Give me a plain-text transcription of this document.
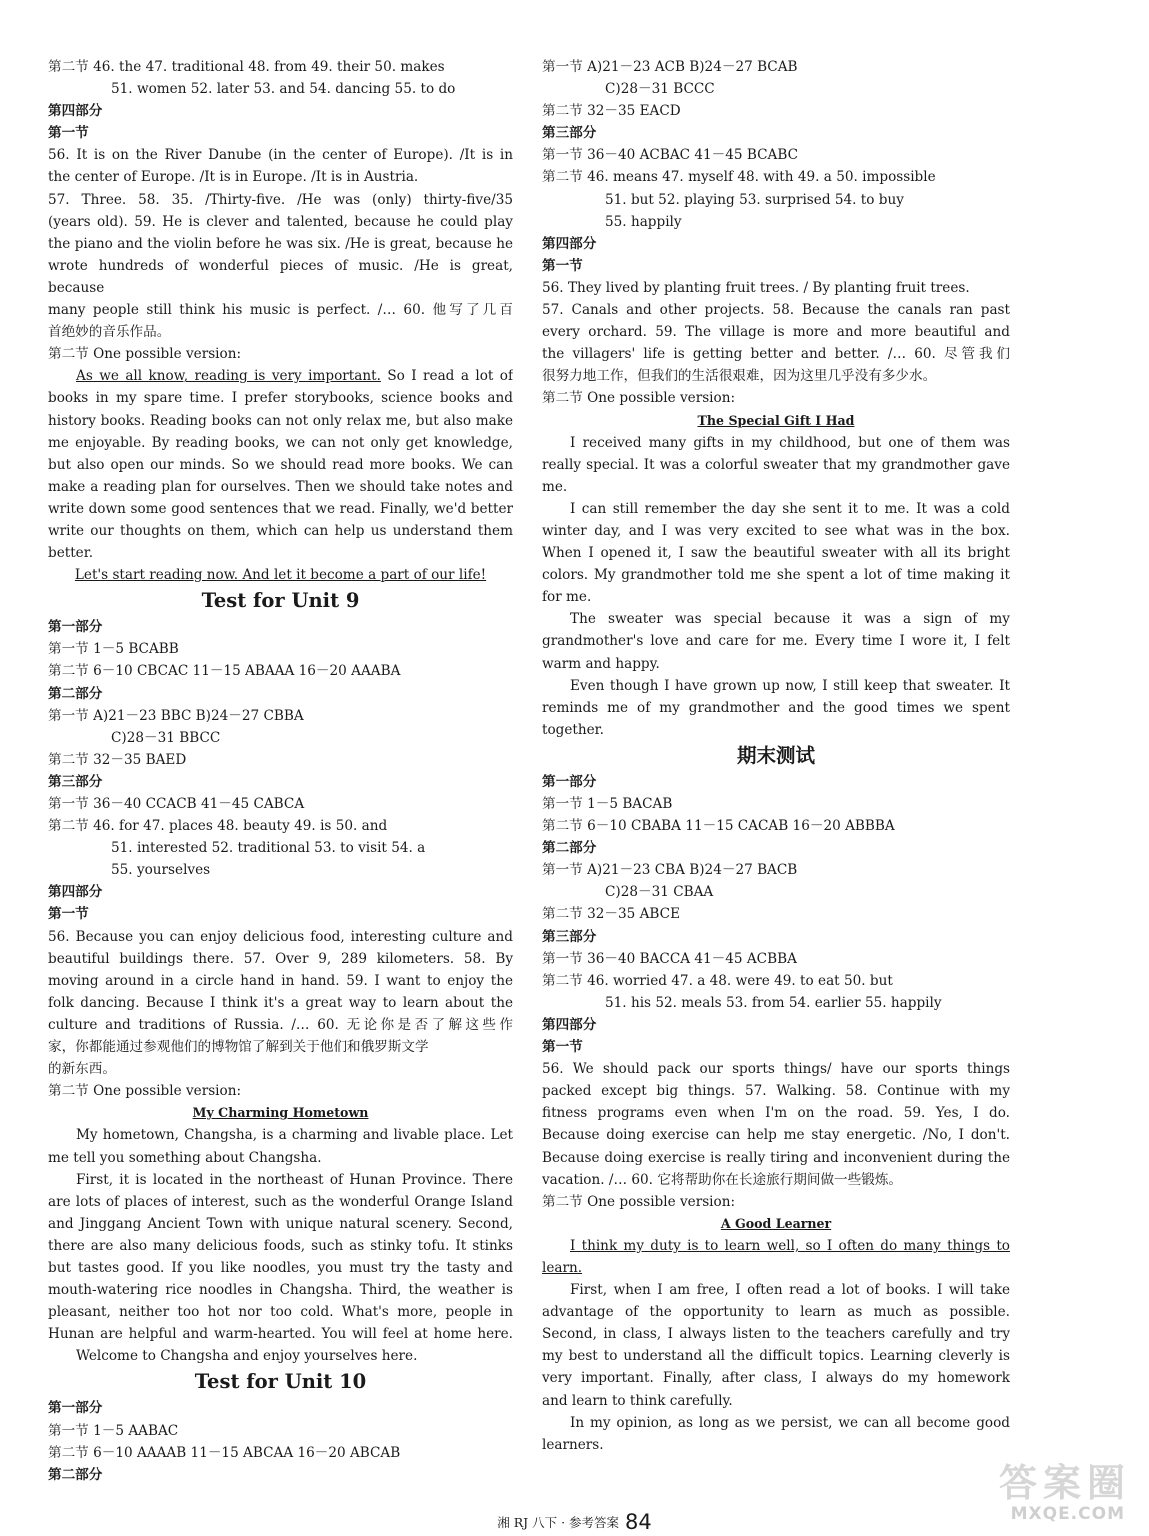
第二节 46. the 47. traditional 48. from 49. their 50. makes
51. women 52. later 53. and 54. dancing 55. to do
第四部分
第一节
56. It is on the River Danube (in the center of Europe). /It is in
the center of Europe. /It is in Europe. /It is in Austria.
57. Three. 58. 35. /Thirty-five. /He was (only) thirty-five/35
(years old). 59. He is clever and talented, because he could play
the piano and the violin before he was six. /He is great, because he
wrote hundreds of wonderful pieces of music. /He is great, because
many people still think his music is perfect. /… 60. 他写了几百
首绝妙的音乐作品。
第二节 One possible version:
As we all know, reading is very important. So I read a lot of
books in my spare time. I prefer storybooks, science books and
history books. Reading books can not only relax me, but also make
me enjoyable. By reading books, we can not only get knowledge,
but also open our minds. So we should read more books. We can
make a reading plan for ourselves. Then we should take notes and
write down some good sentences that we read. Finally, we'd better
write our thoughts on them, which can help us understand them
better.
Let's start reading now. And let it become a part of our life!
Test for Unit 9
第一部分
第一节 1－5 BCABB
第二节 6－10 CBCAC 11－15 ABAAA 16－20 AAABA
第二部分
第一节 A)21－23 BBC B)24－27 CBBA
C)28－31 BBCC
第二节 32－35 BAED
第三部分
第一节 36－40 CCACB 41－45 CABCA
第二节 46. for 47. places 48. beauty 49. is 50. and
51. interested 52. traditional 53. to visit 54. a
55. yourselves
第四部分
第一节
56. Because you can enjoy delicious food, interesting culture and
beautiful buildings there. 57. Over 9, 289 kilometers. 58. By
moving around in a circle hand in hand. 59. I want to enjoy the
folk dancing. Because I think it's a great way to learn about the
culture and traditions of Russia. /… 60. 无论你是否了解这些作
家，你都能通过参观他们的博物馆了解到关于他们和俄罗斯文学
的新东西。
第二节 One possible version:
My Charming Hometown
My hometown, Changsha, is a charming and livable place. Let
me tell you something about Changsha.
First, it is located in the northeast of Hunan Province. There
are lots of places of interest, such as the wonderful Orange Island
and Jinggang Ancient Town with unique natural scenery. Second,
there are also many delicious foods, such as stinky tofu. It stinks
but tastes good. If you like noodles, you must try the tasty and
mouth-watering rice noodles in Changsha. Third, the weather is
pleasant, neither too hot nor too cold. What's more, people in
Hunan are helpful and warm-hearted. You will feel at home here.
Welcome to Changsha and enjoy yourselves here.
Test for Unit 10
第一部分
第一节 1－5 AABAC
第二节 6－10 AAAAB 11－15 ABCAA 16－20 ABCAB
第二部分
第一节 A)21－23 ACB B)24－27 BCAB
C)28－31 BCCC
第二节 32－35 EACD
第三部分
第一节 36－40 ACBAC 41－45 BCABC
第二节 46. means 47. myself 48. with 49. a 50. impossible
51. but 52. playing 53. surprised 54. to buy
55. happily
第四部分
第一节
56. They lived by planting fruit trees. / By planting fruit trees.
57. Canals and other projects. 58. Because the canals ran past
every orchard. 59. The village is more and more beautiful and
the villagers' life is getting better and better. /… 60. 尽管我们
很努力地工作，但我们的生活很艰难，因为这里几乎没有多少水。
第二节 One possible version:
The Special Gift I Had
I received many gifts in my childhood, but one of them was
really special. It was a colorful sweater that my grandmother gave
me.
I can still remember the day she sent it to me. It was a cold
winter day, and I was very excited to see what was in the box.
When I opened it, I saw the beautiful sweater with all its bright
colors. My grandmother told me she spent a lot of time making it
for me.
The sweater was special because it was a sign of my
grandmother's love and care for me. Every time I wore it, I felt
warm and happy.
Even though I have grown up now, I still keep that sweater. It
reminds me of my grandmother and the good times we spent
together.
期末测试
第一部分
第一节 1－5 BACAB
第二节 6－10 CBABA 11－15 CACAB 16－20 ABBBA
第二部分
第一节 A)21－23 CBA B)24－27 BACB
C)28－31 CBAA
第二节 32－35 ABCE
第三部分
第一节 36－40 BACCA 41－45 ACBBA
第二节 46. worried 47. a 48. were 49. to eat 50. but
51. his 52. meals 53. from 54. earlier 55. happily
第四部分
第一节
56. We should pack our sports things/ have our sports things
packed except big things. 57. Walking. 58. Continue with my
fitness programs even when I'm on the road. 59. Yes, I do.
Because doing exercise can help me stay energetic. /No, I don't.
Because doing exercise is really tiring and inconvenient during the
vacation. /… 60. 它将帮助你在长途旅行期间做一些锻炼。
第二节 One possible version:
A Good Learner
I think my duty is to learn well, so I often do many things to
learn.
First, when I am free, I often read a lot of books. I will take
advantage of the opportunity to learn as much as possible.
Second, in class, I always listen to the teachers carefully and try
my best to understand all the difficult topics. Learning cleverly is
very important. Finally, after class, I always do my homework
and learn to think carefully.
In my opinion, as long as we persist, we can all become good
learners.
湘 RJ 八下 · 参考答案 84
答案圈
MXQE.COM
